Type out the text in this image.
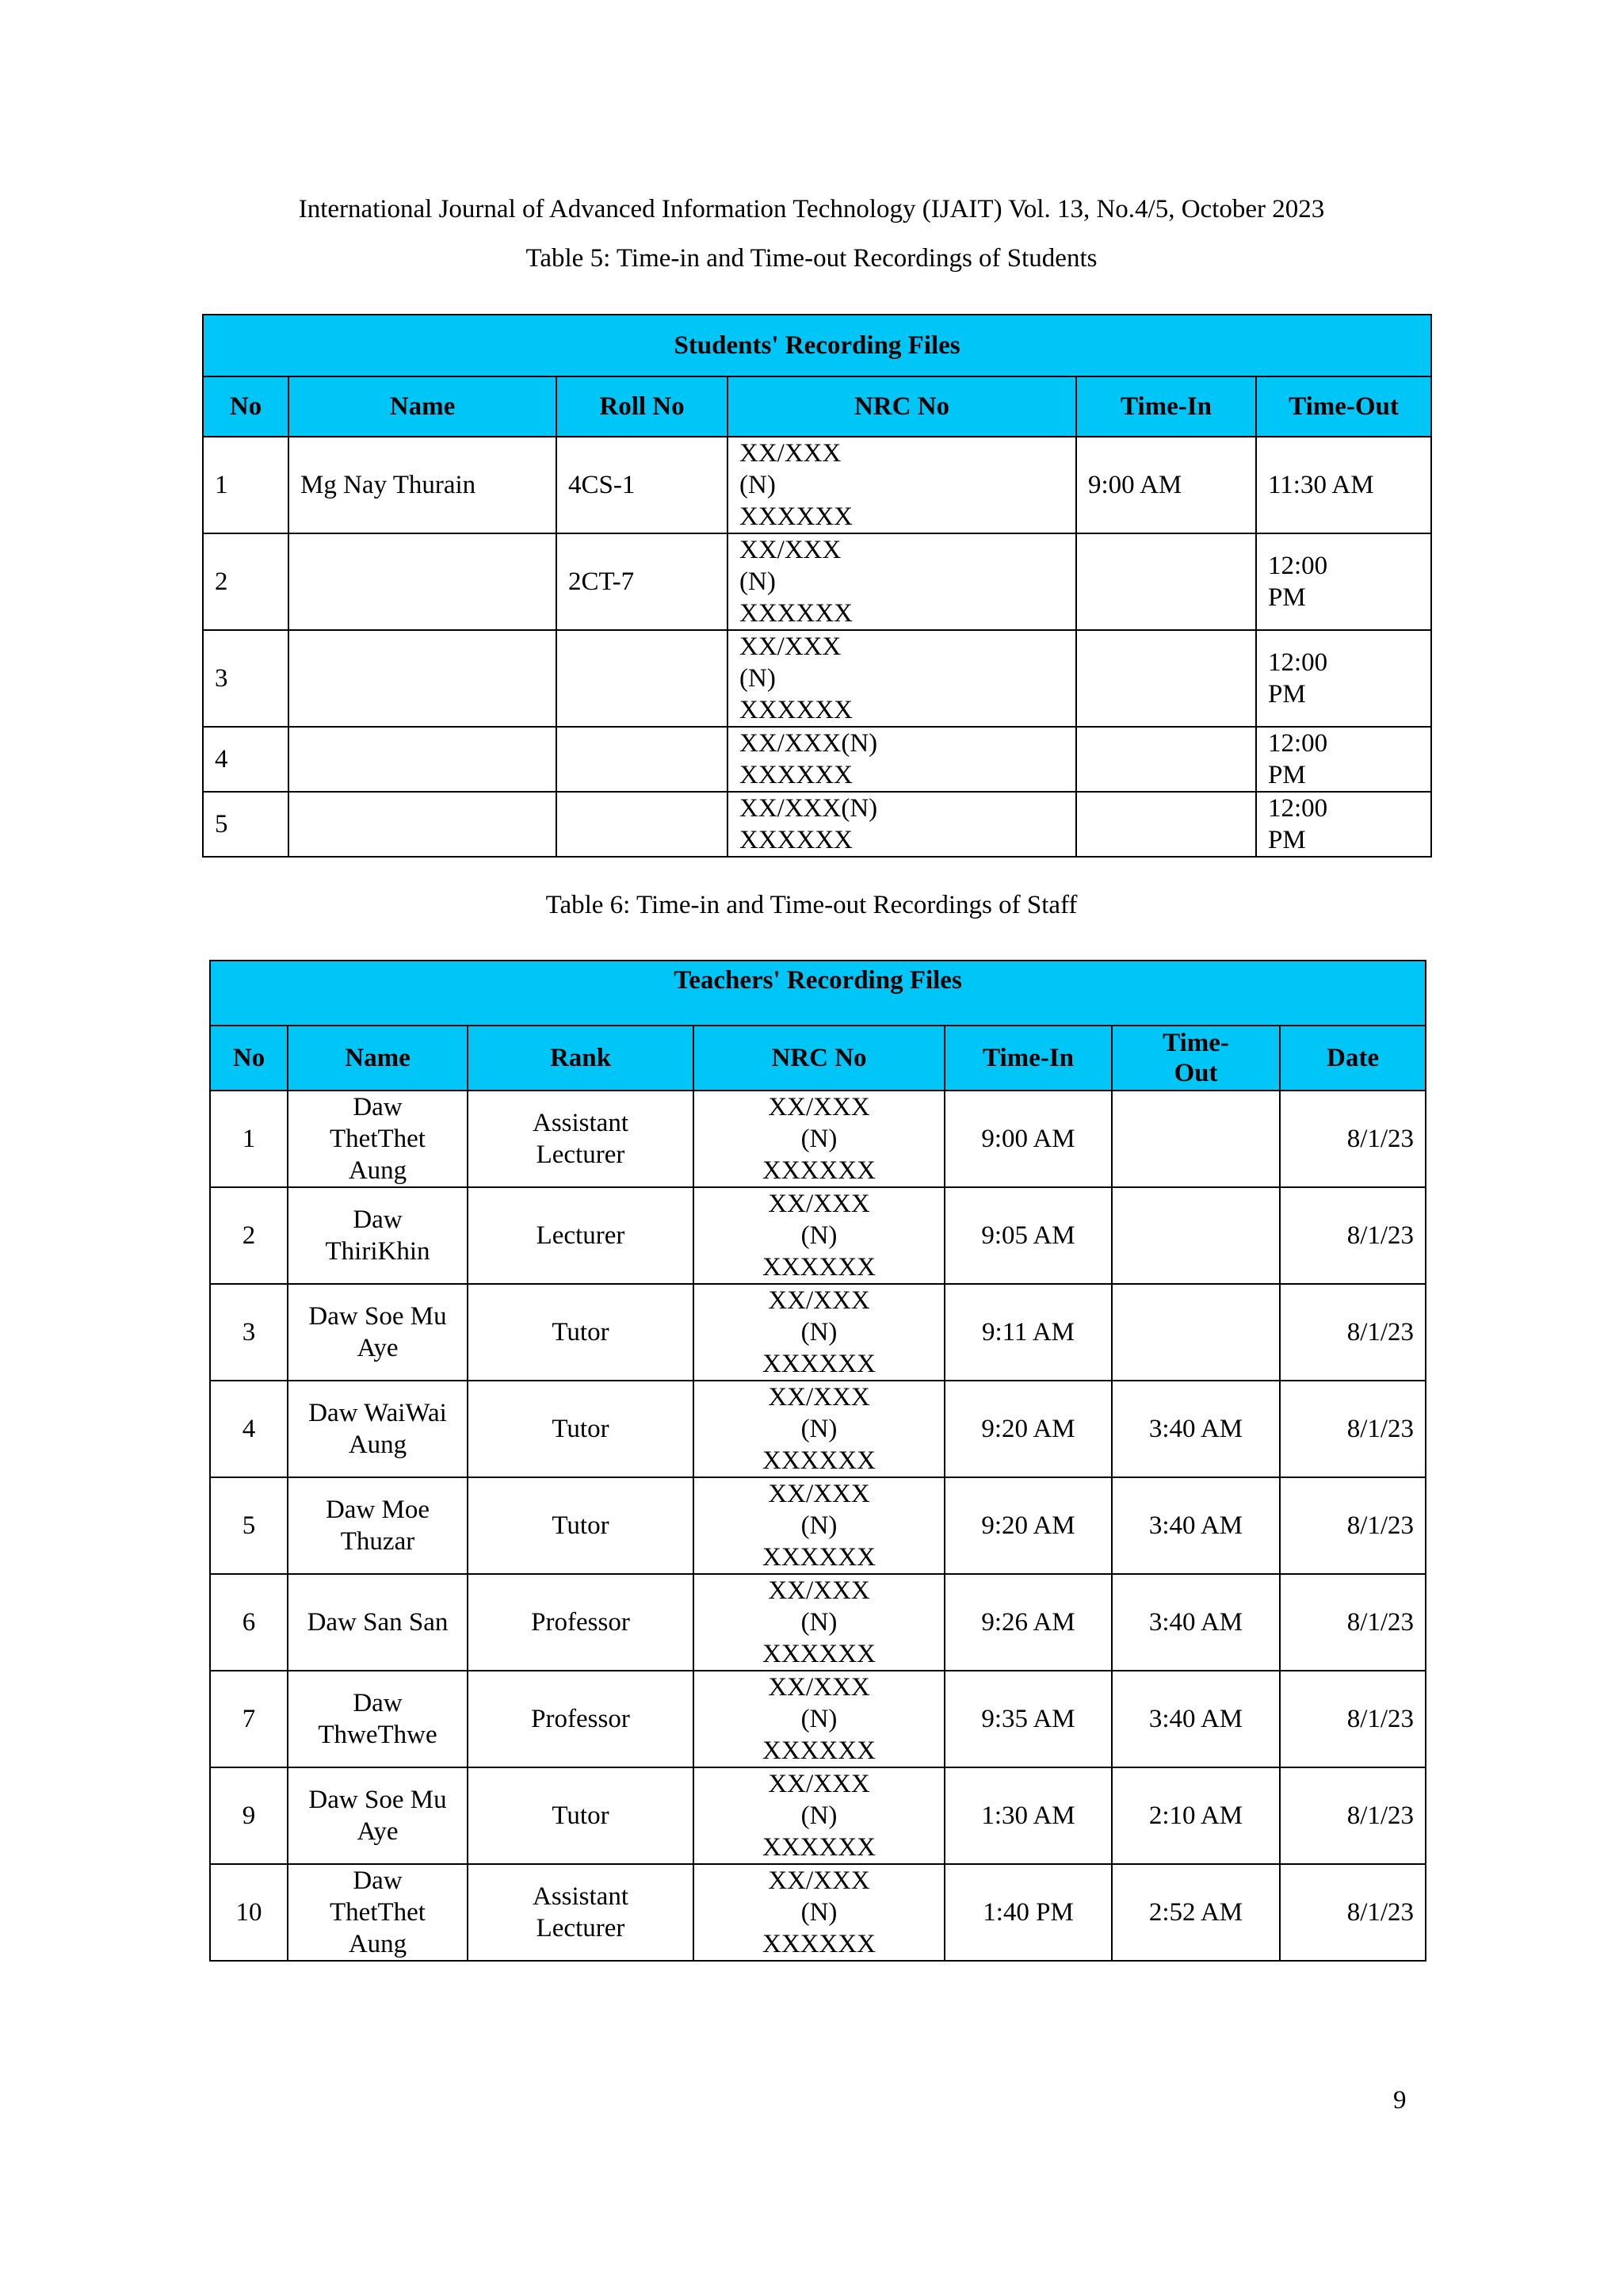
International Journal of Advanced Information Technology (IJAIT) Vol. 13, No.4/5, October 2023
Table 5: Time-in and Time-out Recordings of Students
Students' Recording Files					
No	Name	Roll No	NRC No	Time-In	Time-Out
1	Mg Nay Thurain	4CS-1	XX/XXX
(N)
XXXXXX	9:00 AM	11:30 AM
2		2CT-7	XX/XXX
(N)
XXXXXX		12:00
PM
3			XX/XXX
(N)
XXXXXX		12:00
PM
4			XX/XXX(N)
XXXXXX		12:00
PM
5			XX/XXX(N)
XXXXXX		12:00
PM
Table 6: Time-in and Time-out Recordings of Staff
Teachers' Recording Files						
No	Name	Rank	NRC No	Time-In	Time-
Out	Date
1	Daw
ThetThet
Aung	Assistant
Lecturer	XX/XXX
(N)
XXXXXX	9:00 AM		8/1/23
2	Daw
ThiriKhin	Lecturer	XX/XXX
(N)
XXXXXX	9:05 AM		8/1/23
3	Daw Soe Mu
Aye	Tutor	XX/XXX
(N)
XXXXXX	9:11 AM		8/1/23
4	Daw WaiWai
Aung	Tutor	XX/XXX
(N)
XXXXXX	9:20 AM	3:40 AM	8/1/23
5	Daw Moe
Thuzar	Tutor	XX/XXX
(N)
XXXXXX	9:20 AM	3:40 AM	8/1/23
6	Daw San San	Professor	XX/XXX
(N)
XXXXXX	9:26 AM	3:40 AM	8/1/23
7	Daw
ThweThwe	Professor	XX/XXX
(N)
XXXXXX	9:35 AM	3:40 AM	8/1/23
9	Daw Soe Mu
Aye	Tutor	XX/XXX
(N)
XXXXXX	1:30 AM	2:10 AM	8/1/23
10	Daw
ThetThet
Aung	Assistant
Lecturer	XX/XXX
(N)
XXXXXX	1:40 PM	2:52 AM	8/1/23
9
